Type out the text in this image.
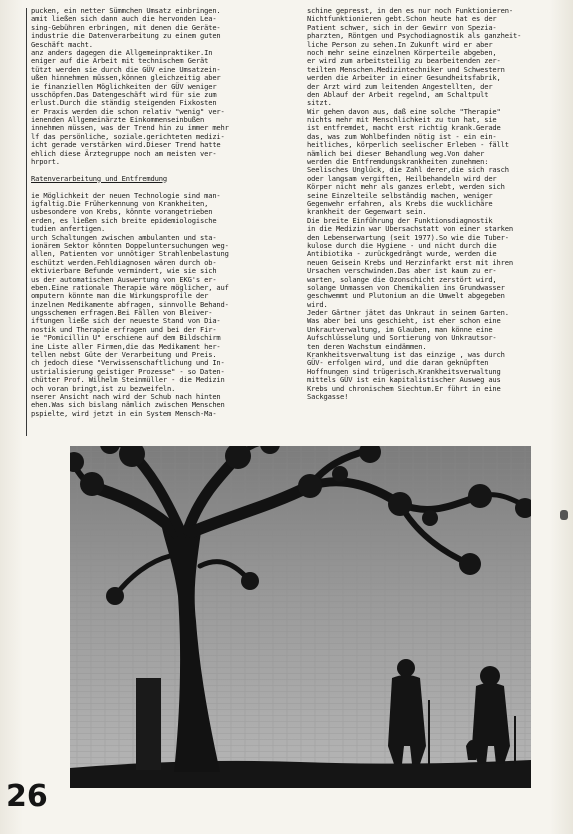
pucken, ein netter Sümmchen Umsatz einbringen.
amit ließen sich dann auch die hervonden Lea-
sing-Gebühren erbringen, mit denen die Geräte-
industrie die Datenverarbeitung zu einem guten
Geschäft macht.
anz anders dagegen die Allgemeinpraktiker.In
eniger auf die Arbeit mit technischem Gerät
tützt werden sie durch die GÜV eine Umsatzein-
ußen hinnehmen müssen,können gleichzeitig aber
ie finanziellen Möglichkeiten der GÜV weniger
usschöpfen.Das Datengeschäft wird für sie zum
erlust.Durch die ständig steigenden Fixkosten
er Praxis werden die schon relativ "wenig" ver-
ienenden Allgemeinärzte Einkommenseinbußen
innehmen müssen, was der Trend hin zu immer mehr
lf das persönliche, soziale.gerichteten medizi-
icht gerade verstärken wird.Dieser Trend hatte
ehlich diese Ärztegruppe noch am meisten ver-
hrport.
Ratenverarbeitung und Entfremdung
ie Möglichkeit der neuen Technologie sind man-
igfaltig.Die Früherkennung von Krankheiten,
usbesondere von Krebs, könnte vorangetrieben
erden, es ließen sich breite epidemiologische
tudien anfertigen.
urch Schaltungen zwischen ambulanten und sta-
ionärem Sektor könnten Doppeluntersuchungen weg-
allen, Patienten vor unnötiger Strahlenbelastung
eschützt werden.Fehldiagnosen wären durch ob-
ektivierbare Befunde vermindert, wie sie sich
us der automatischen Auswertung von EKG's er-
eben.Eine rationale Therapie wäre möglicher, auf
omputern könnte man die Wirkungsprofile der
inzelnen Medikamente abfragen, sinnvolle Behand-
ungsschemen erfragen.Bei Fällen von Bleiver-
iftungen ließe sich der neueste Stand von Dia-
nostik und Therapie erfragen und bei der Fir-
ie "Pomicillin U" erschiene auf dem Bildschirm
ine Liste aller Firmen,die das Medikament her-
tellen nebst Güte der Verarbeitung und Preis.
ch jedoch diese "Verwissenschaftlichung und In-
ustrialisierung geistiger Prozesse" - so Daten-
chütter Prof. Wilhelm Steinmüller - die Medizin
och voran bringt,ist zu bezweifeln.
nserer Ansicht nach wird der Schub nach hinten
ehen.Was sich bislang nämlich zwischen Menschen
pspielte, wird jetzt in ein System Mensch-Ma-
schine gepresst, in den es nur noch Funktionieren-
Nichtfunktionieren gebt.Schon heute hat es der
Patient schwer, sich in der Gewirr von Spezia-
pharzten, Röntgen und Psychodiagnostik als ganzheit-
liche Person zu sehen.In Zukunft wird er aber
noch mehr seine einzelnen Körperteile abgeben,
er wird zum arbeitsteilig zu bearbeitenden zer-
teilten Menschen.Medizintechniker und Schwestern
werden die Arbeiter in einer Gesundheitsfabrik,
der Arzt wird zum leitenden Angestellten, der
den Ablauf der Arbeit regelnd, am Schaltpult
sitzt.
Wir gehen davon aus, daß eine solche "Therapie"
nichts mehr mit Menschlichkeit zu tun hat, sie
ist entfremdet, macht erst richtig krank.Gerade
das, was zum Wohlbefinden nötig ist - ein ein-
heitliches, körperlich seelischer Erleben - fällt
nämlich bei dieser Behandlung weg.Von daher
werden die Entfremdungskrankheiten zunehmen:
Seelisches Unglück, die Zahl derer,die sich rasch
oder langsam vergiften, Heilbehandeln wird der
Körper nicht mehr als ganzes erlebt, werden sich
seine Einzelteile selbständig machen, weniger
Gegenwehr erfahren, als Krebs die wucklichäre
krankheit der Gegenwart sein.
Die breite Einführung der Funktionsdiagnostik
in die Medizin war Ubersachstatt von einer starken
den Lebenserwartung (seit 1977).So wie die Tuber-
kulose durch die Hygiene - und nicht durch die
Antibiotika - zurückgedrängt wurde, werden die
neuen Geisein Krebs und Herzinfarkt erst mit ihren
Ursachen verschwinden.Das aber ist kaum zu er-
warten, solange die Ozonschicht zerstört wird,
solange Unmassen von Chemikalien ins Grundwasser
geschwemmt und Plutonium an die Umwelt abgegeben
wird.
Jeder Gärtner jätet das Unkraut in seinem Garten.
Was aber bei uns geschieht, ist eher schon eine
Unkrautverwaltung, im Glauben, man könne eine
Aufschlüsselung und Sortierung von Unkrautsor-
ten deren Wachstum eindämmen.
Krankheitsverwaltung ist das einzige , was durch
GÜV- erfolgen wird, und die daran geknüpften
Hoffnungen sind trügerisch.Krankheitsverwaltung
mittels GÜV ist ein kapitalistischer Ausweg aus
Krebs und chronischem Siechtum.Er führt in eine
Sackgasse!
26
